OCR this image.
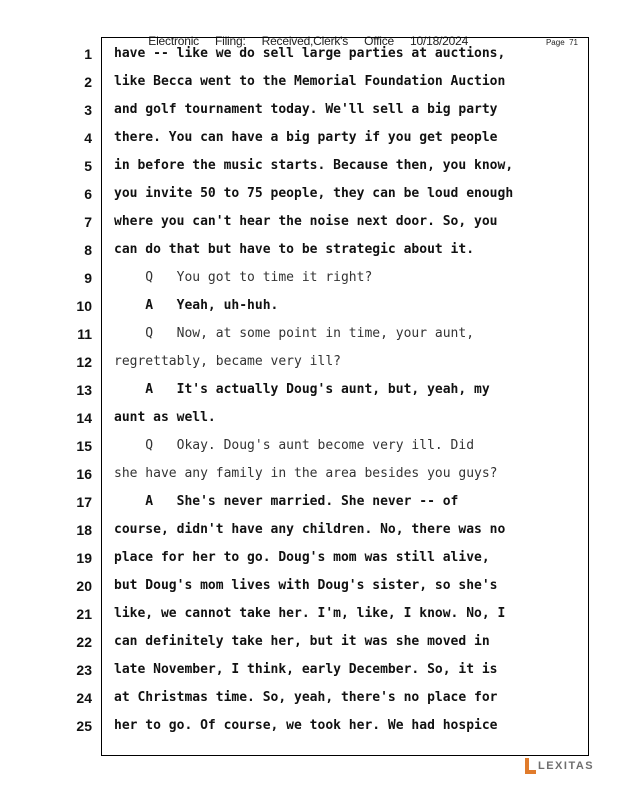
Electronic Filing: Received,Clerk's Office 10/18/2024	Page 71
1
2
3
4
5
6
7
8
9
10
11
12
13
14
15
16
17
18
19
20
21
22
23
24
25
have -- like we do sell large parties at auctions,
like Becca went to the Memorial Foundation Auction
and golf tournament today. We'll sell a big party
there. You can have a big party if you get people
in before the music starts. Because then, you know,
you invite 50 to 75 people, they can be loud enough
where you can't hear the noise next door. So, you
can do that but have to be strategic about it.
Q   You got to time it right?
A   Yeah, uh-huh.
Q   Now, at some point in time, your aunt,
regrettably, became very ill?
A   It's actually Doug's aunt, but, yeah, my
aunt as well.
Q   Okay. Doug's aunt become very ill. Did
she have any family in the area besides you guys?
A   She's never married. She never -- of
course, didn't have any children. No, there was no
place for her to go. Doug's mom was still alive,
but Doug's mom lives with Doug's sister, so she's
like, we cannot take her. I'm, like, I know. No, I
can definitely take her, but it was she moved in
late November, I think, early December. So, it is
at Christmas time. So, yeah, there's no place for
her to go. Of course, we took her. We had hospice
LEXITAS
